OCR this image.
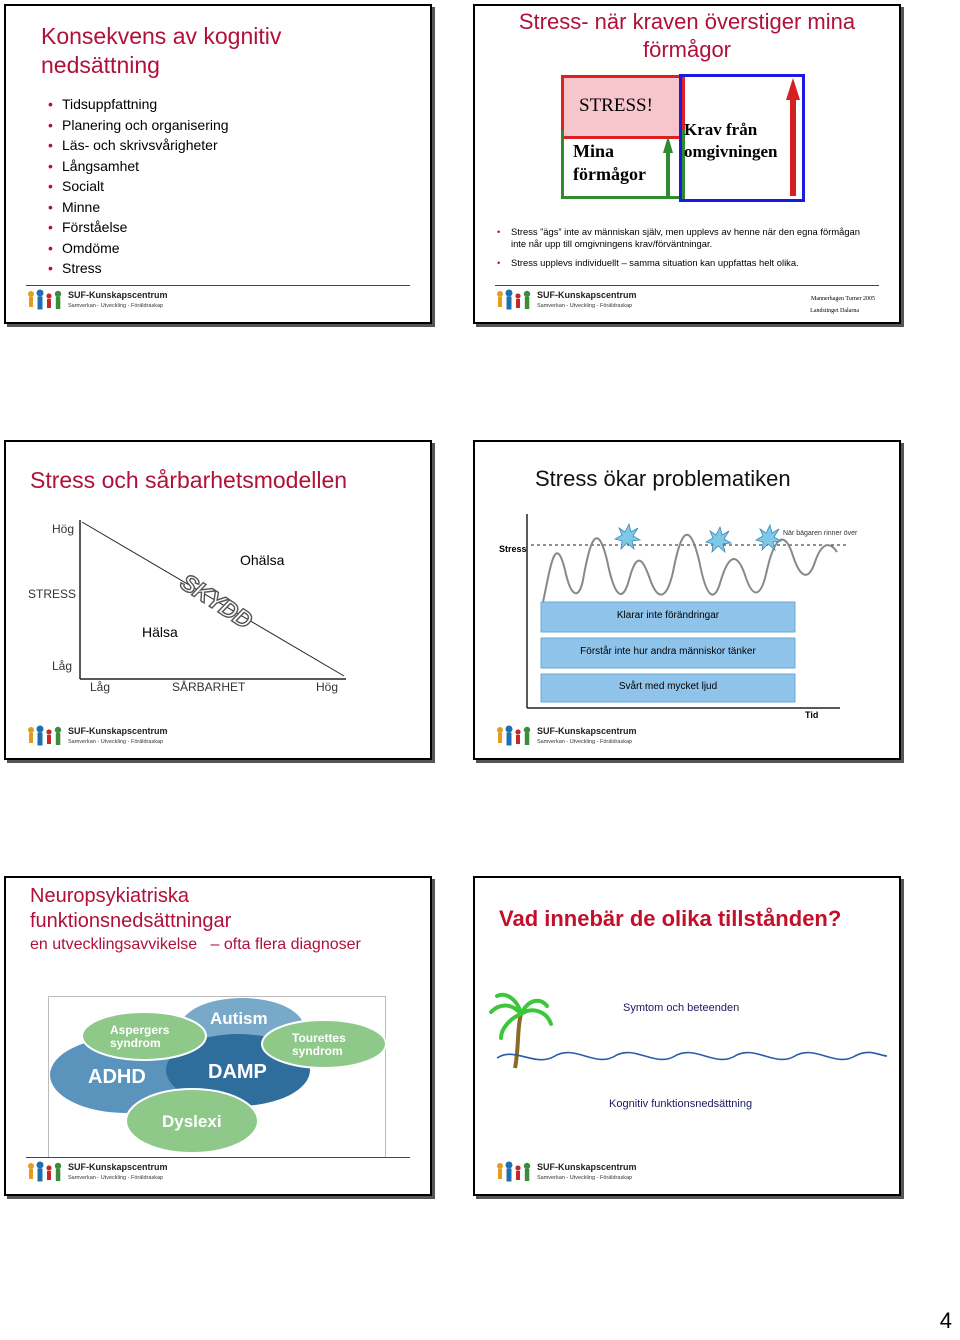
Konsekvens av kognitiv nedsättning
• Tidsuppfattning
• Planering och organisering
• Läs- och skrivsvårigheter
• Långsamhet
• Socialt
• Minne
• Förståelse
• Omdöme
• Stress
SUF-Kunskapscentrum
Samverkan - Utveckling - Föräldraskap
Stress- när kraven överstiger mina förmågor
STRESS!
Mina förmågor
Krav från omgivningen
• Stress ”ägs” inte av människan själv, men upplevs av henne när den egna förmågan inte når upp till omgivningens krav/förväntningar.
• Stress upplevs individuellt – samma situation kan uppfattas helt olika.
SUF-Kunskapscentrum
Samverkan - Utveckling - Föräldraskap
Mannerhagen Turner 2005
Landstinget Dalarna
Stress och sårbarhetsmodellen
Hög
STRESS
Låg
Ohälsa
Hälsa
SKYDD
Låg	SÅRBARHET	Hög
SUF-Kunskapscentrum
Samverkan - Utveckling - Föräldraskap
Stress ökar problematiken
Stress
När bägaren rinner över
Klarar inte förändringar
Förstår inte hur andra människor tänker
Svårt med mycket ljud
Tid
SUF-Kunskapscentrum
Samverkan - Utveckling - Föräldraskap
Neuropsykiatriska
funktionsnedsättningar
en utvecklingsavvikelse   – ofta flera diagnoser
Aspergers syndrom
Autism
Tourettes syndrom
ADHD	DAMP
Dyslexi
SUF-Kunskapscentrum
Samverkan - Utveckling - Föräldraskap
Vad innebär de olika tillstånden?
Symtom och beteenden
Kognitiv funktionsnedsättning
SUF-Kunskapscentrum
Samverkan - Utveckling - Föräldraskap
4
